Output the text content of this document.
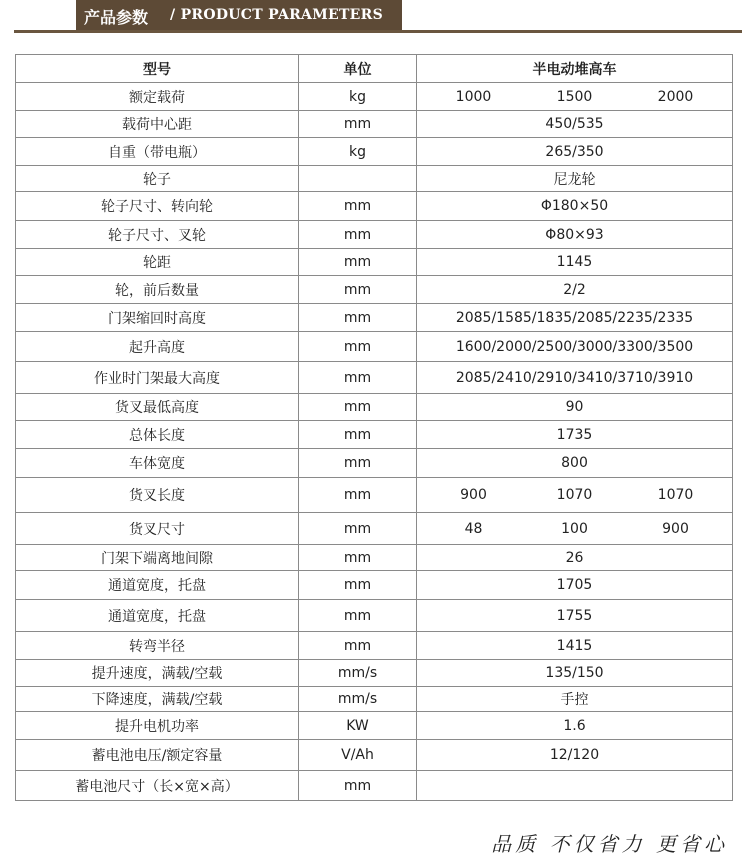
产品参数 / PRODUCT PARAMETERS
型号	单位	半电动堆高车
额定载荷	kg	1000 1500 2000

载荷中心距	mm	450/535
自重（带电瓶）	kg	265/350
轮子		尼龙轮
轮子尺寸、转向轮	mm	Φ180×50
轮子尺寸、叉轮	mm	Φ80×93
轮距	mm	1145
轮，前后数量	mm	2/2
门架缩回时高度	mm	2085/1585/1835/2085/2235/2335
起升高度	mm	1600/2000/2500/3000/3300/3500
作业时门架最大高度	mm	2085/2410/2910/3410/3710/3910
货叉最低高度	mm	90
总体长度	mm	1735
车体宽度	mm	800
货叉长度	mm	900 1070 1070

货叉尺寸	mm	48 100 900

门架下端离地间隙	mm	26
通道宽度，托盘	mm	1705
通道宽度，托盘	mm	1755
转弯半径	mm	1415
提升速度，满载/空载	mm/s	135/150
下降速度，满载/空载	mm/s	手控
提升电机功率	KW	1.6
蓄电池电压/额定容量	V/Ah	12/120
蓄电池尺寸（长×宽×高）	mm	
品质 不仅省力 更省心
